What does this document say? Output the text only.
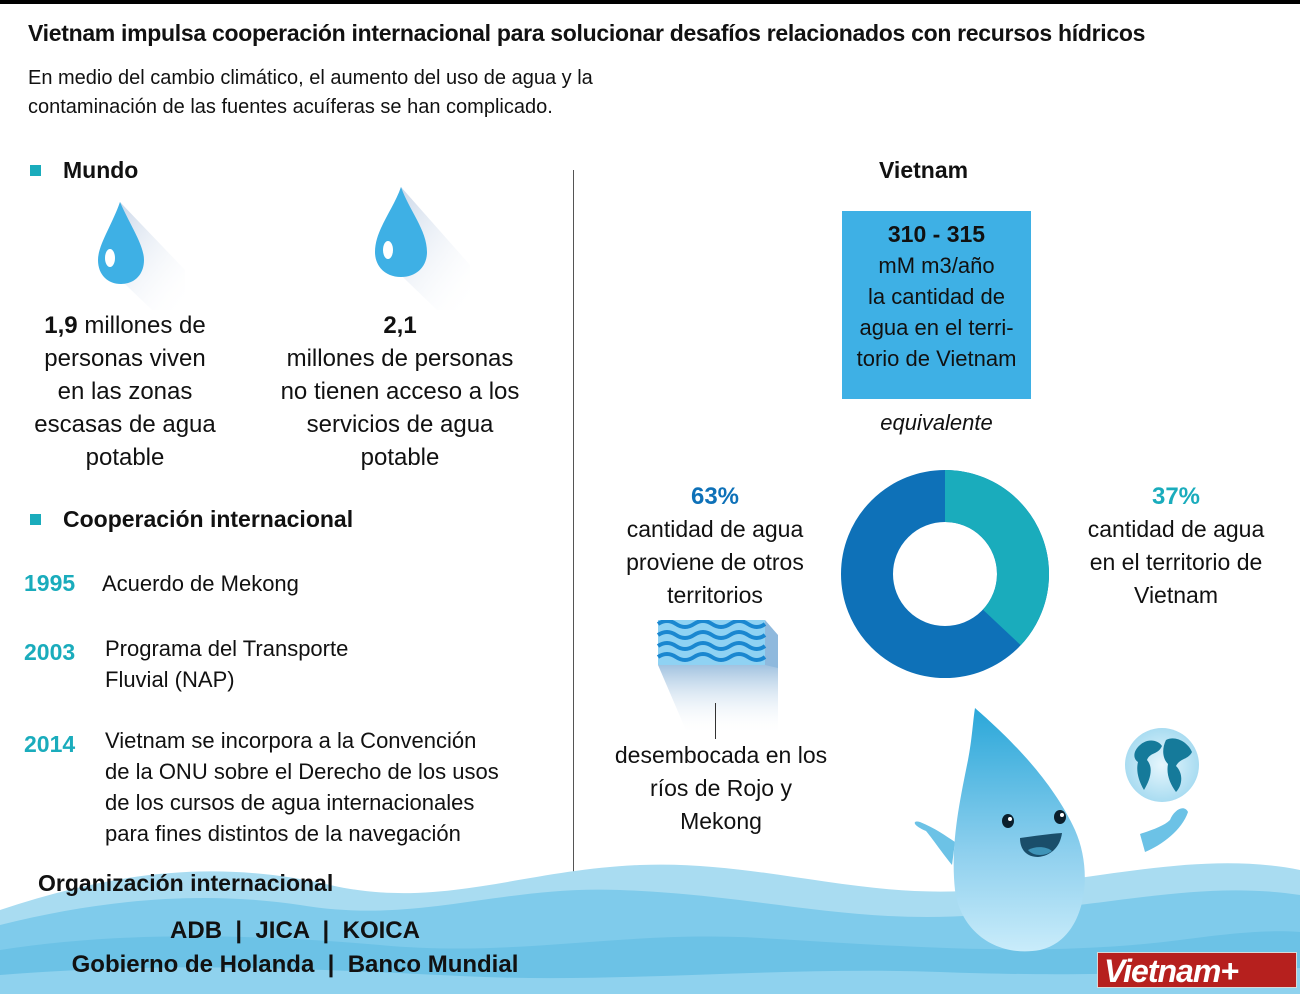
Vietnam impulsa cooperación internacional para solucionar desafíos relacionados con recursos hídricos
En medio del cambio climático, el aumento del uso de agua y la
contaminación de las fuentes acuíferas se han complicado.
Mundo
1,9 millones de
personas viven
en las zonas
escasas de agua
potable
2,1
millones de personas
no tienen acceso a los
servicios de agua
potable
Cooperación internacional
1995	Acuerdo de Mekong
2003	Programa del Transporte
Fluvial (NAP)
2014	Vietnam se incorpora a la Convención
de la ONU sobre el Derecho de los usos
de los cursos de agua internacionales
para fines distintos de la navegación
Organización internacional
ADB  |  JICA  |  KOICA
Gobierno de Holanda  |  Banco Mundial
Vietnam
310 - 315
mM m3/año
la cantidad de
agua en el terri-
torio de Vietnam
equivalente
63%
cantidad de agua
proviene de otros
territorios
37%
cantidad de agua
en el territorio de
Vietnam
desembocada en los
ríos de Rojo y
Mekong
Vietnam+
